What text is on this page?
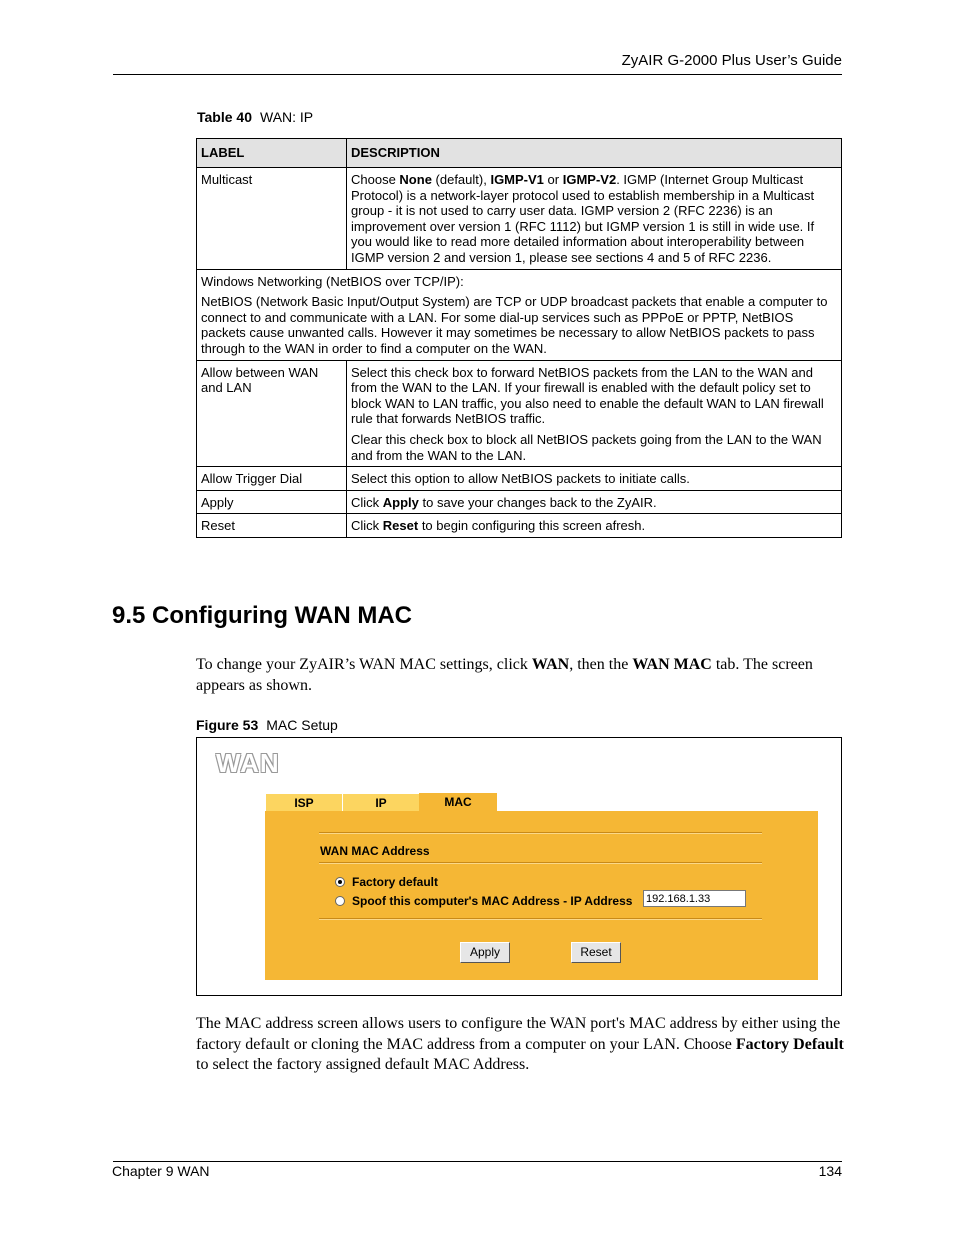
ZyAIR G-2000 Plus User’s Guide
Table 40 WAN: IP
LABEL	DESCRIPTION
Multicast	Choose None (default), IGMP-V1 or IGMP-V2. IGMP (Internet Group Multicast Protocol) is a network-layer protocol used to establish membership in a Multicast group - it is not used to carry user data. IGMP version 2 (RFC 2236) is an improvement over version 1 (RFC 1112) but IGMP version 1 is still in wide use. If you would like to read more detailed information about interoperability between IGMP version 2 and version 1, please see sections 4 and 5 of RFC 2236.

Windows Networking (NetBIOS over TCP/IP):
NetBIOS (Network Basic Input/Output System) are TCP or UDP broadcast packets that enable a computer to connect to and communicate with a LAN. For some dial-up services such as PPPoE or PPTP, NetBIOS packets cause unwanted calls. However it may sometimes be necessary to allow NetBIOS packets to pass through to the WAN in order to find a computer on the WAN.	

Allow between WAN and LAN	Select this check box to forward NetBIOS packets from the LAN to the WAN and from the WAN to the LAN. If your firewall is enabled with the default policy set to block WAN to LAN traffic, you also need to enable the default WAN to LAN firewall rule that forwards NetBIOS traffic.
Clear this check box to block all NetBIOS packets going from the LAN to the WAN and from the WAN to the LAN.

Allow Trigger Dial	Select this option to allow NetBIOS packets to initiate calls.
Apply	Click Apply to save your changes back to the ZyAIR.
Reset	Click Reset to begin configuring this screen afresh.
9.5 Configuring WAN MAC
To change your ZyAIR’s WAN MAC settings, click WAN, then the WAN MAC tab. The screen appears as shown.
Figure 53 MAC Setup
WAN
ISP	IP	MAC
WAN MAC Address
Factory default
Spoof this computer's MAC Address - IP Address 192.168.1.33
Apply	Reset
The MAC address screen allows users to configure the WAN port's MAC address by either using the factory default or cloning the MAC address from a computer on your LAN. Choose Factory Default to select the factory assigned default MAC Address.
Chapter 9 WAN	134
